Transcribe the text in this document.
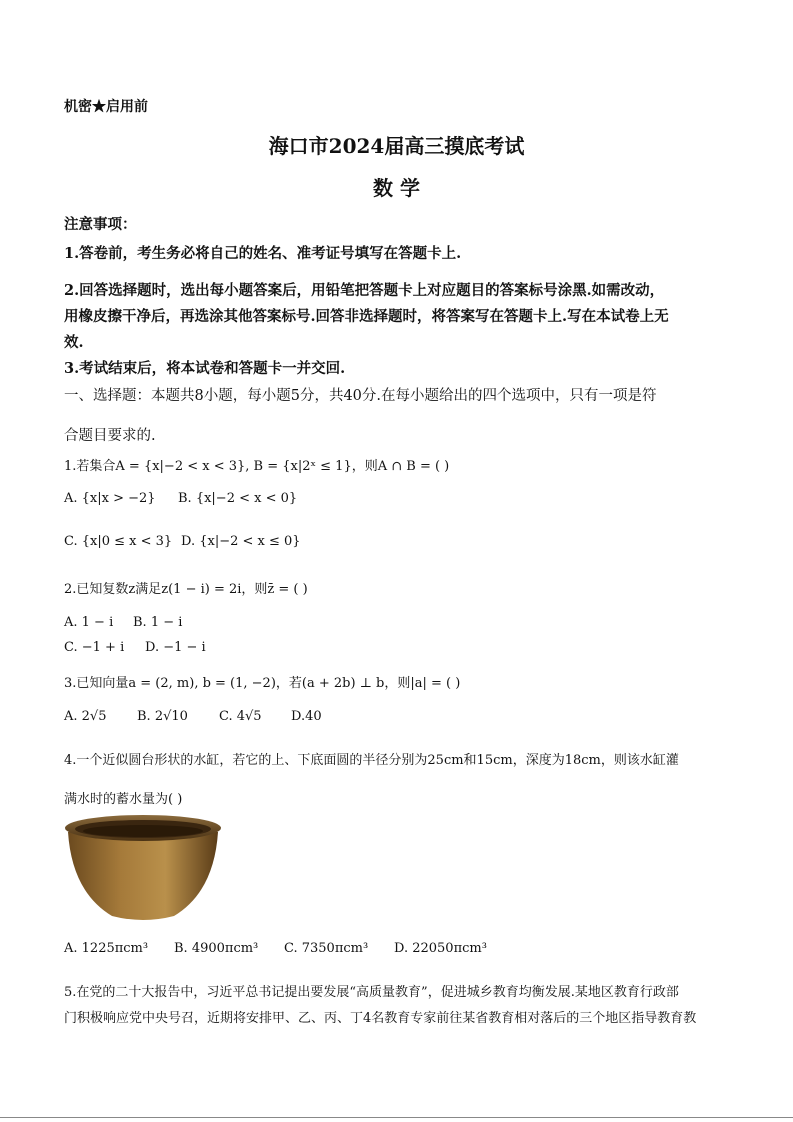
机密★启用前
海口市2024届高三摸底考试
数 学
注意事项：
1.答卷前，考生务必将自己的姓名、准考证号填写在答题卡上.
2.回答选择题时，选出每小题答案后，用铅笔把答题卡上对应题目的答案标号涂黑.如需改动，
用橡皮擦干净后，再选涂其他答案标号.回答非选择题时，将答案写在答题卡上.写在本试卷上无
效.
3.考试结束后，将本试卷和答题卡一并交回.
一、选择题：本题共8小题，每小题5分，共40分.在每小题给出的四个选项中，只有一项是符
合题目要求的.
1.若集合A = {x|−2 < x < 3}, B = {x|2ˣ ≤ 1}，则A ∩ B = ( )
A. {x|x > −2} B. {x|−2 < x < 0}
C. {x|0 ≤ x < 3} D. {x|−2 < x ≤ 0}
2.已知复数z满足z(1 − i) = 2i，则z̄ = ( )
A. 1 − i B. 1 − i
C. −1 + i D. −1 − i
3.已知向量a = (2, m), b = (1, −2)，若(a + 2b) ⊥ b，则|a| = ( )
A. 2√5 B. 2√10 C. 4√5 D.40
4.一个近似圆台形状的水缸，若它的上、下底面圆的半径分别为25cm和15cm，深度为18cm，则该水缸灌
满水时的蓄水量为( )
A. 1225πcm³ B. 4900πcm³ C. 7350πcm³ D. 22050πcm³
5.在党的二十大报告中，习近平总书记提出要发展“高质量教育”，促进城乡教育均衡发展.某地区教育行政部
门积极响应党中央号召，近期将安排甲、乙、丙、丁4名教育专家前往某省教育相对落后的三个地区指导教育教
